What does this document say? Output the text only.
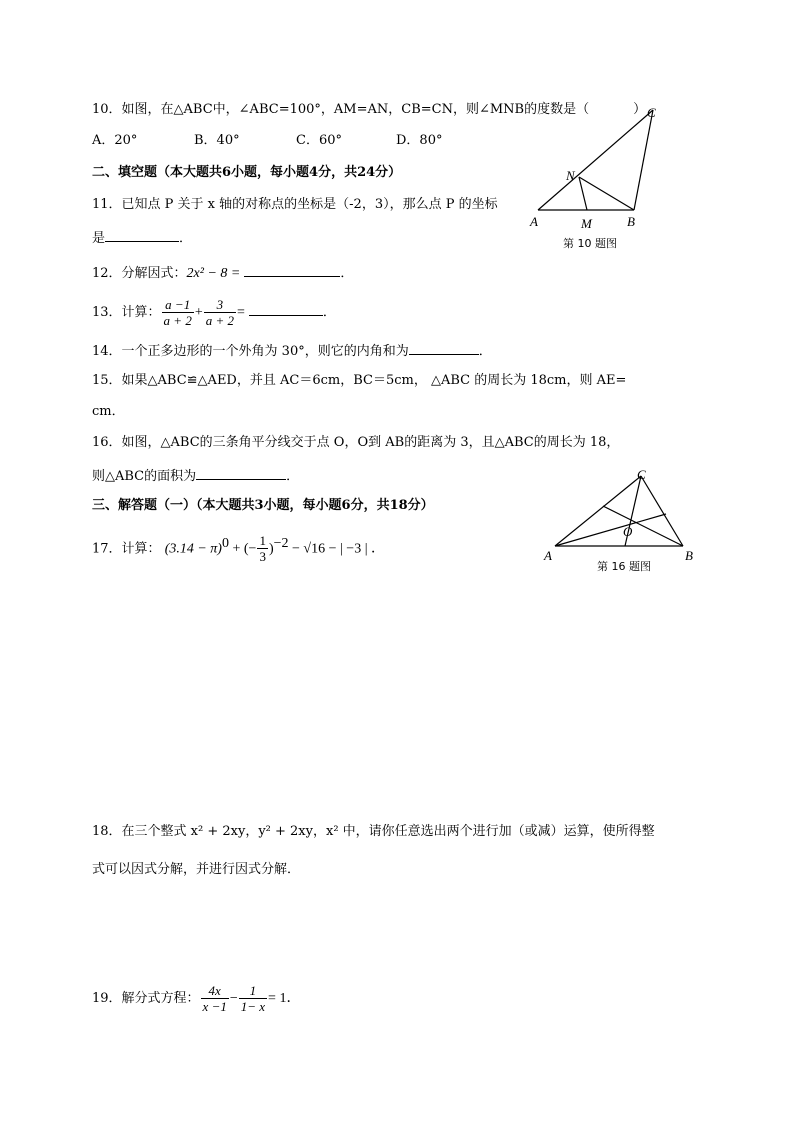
10．如图，在△ABC中，∠ABC=100°，AM=AN，CB=CN，则∠MNB的度数是（	）
A．20°	B．40°	C．60°	D．80°
二、填空题（本大题共6小题，每小题4分，共24分）
11．已知点 P 关于 x 轴的对称点的坐标是（-2，3），那么点 P 的坐标
是	．
12．分解因式：2x² − 8 =	．
13．计算： $\frac{a -1}{a + 2} + \frac{3}{a + 2}$ =	．
14．一个正多边形的一个外角为 30°，则它的内角和为	．
15．如果△ABC≌△AED，并且 AC＝6cm，BC＝5cm， △ABC 的周长为 18cm，则 AE=
cm．
16．如图，△ABC的三条角平分线交于点 O，O到 AB的距离为 3，且△ABC的周长为 18，
则△ABC的面积为	．
三、解答题（一）（本大题共3小题，每小题6分，共18分）
17．计算： $(3.14 - \pi)^0$ + (− $\frac{1}{3} )^{-2} - √16$ − | −3 | ．
18．在三个整式 x² + 2xy，y² + 2xy，x² 中，请你任意选出两个进行加（或减）运算，使所得整
式可以因式分解，并进行因式分解．
19．解分式方程： $\frac{4x}{x -1} - \frac{1}{1- x} = 1$．
A	B
C
M
N
第 10 题图
A	B
C
O
第 16 题图
